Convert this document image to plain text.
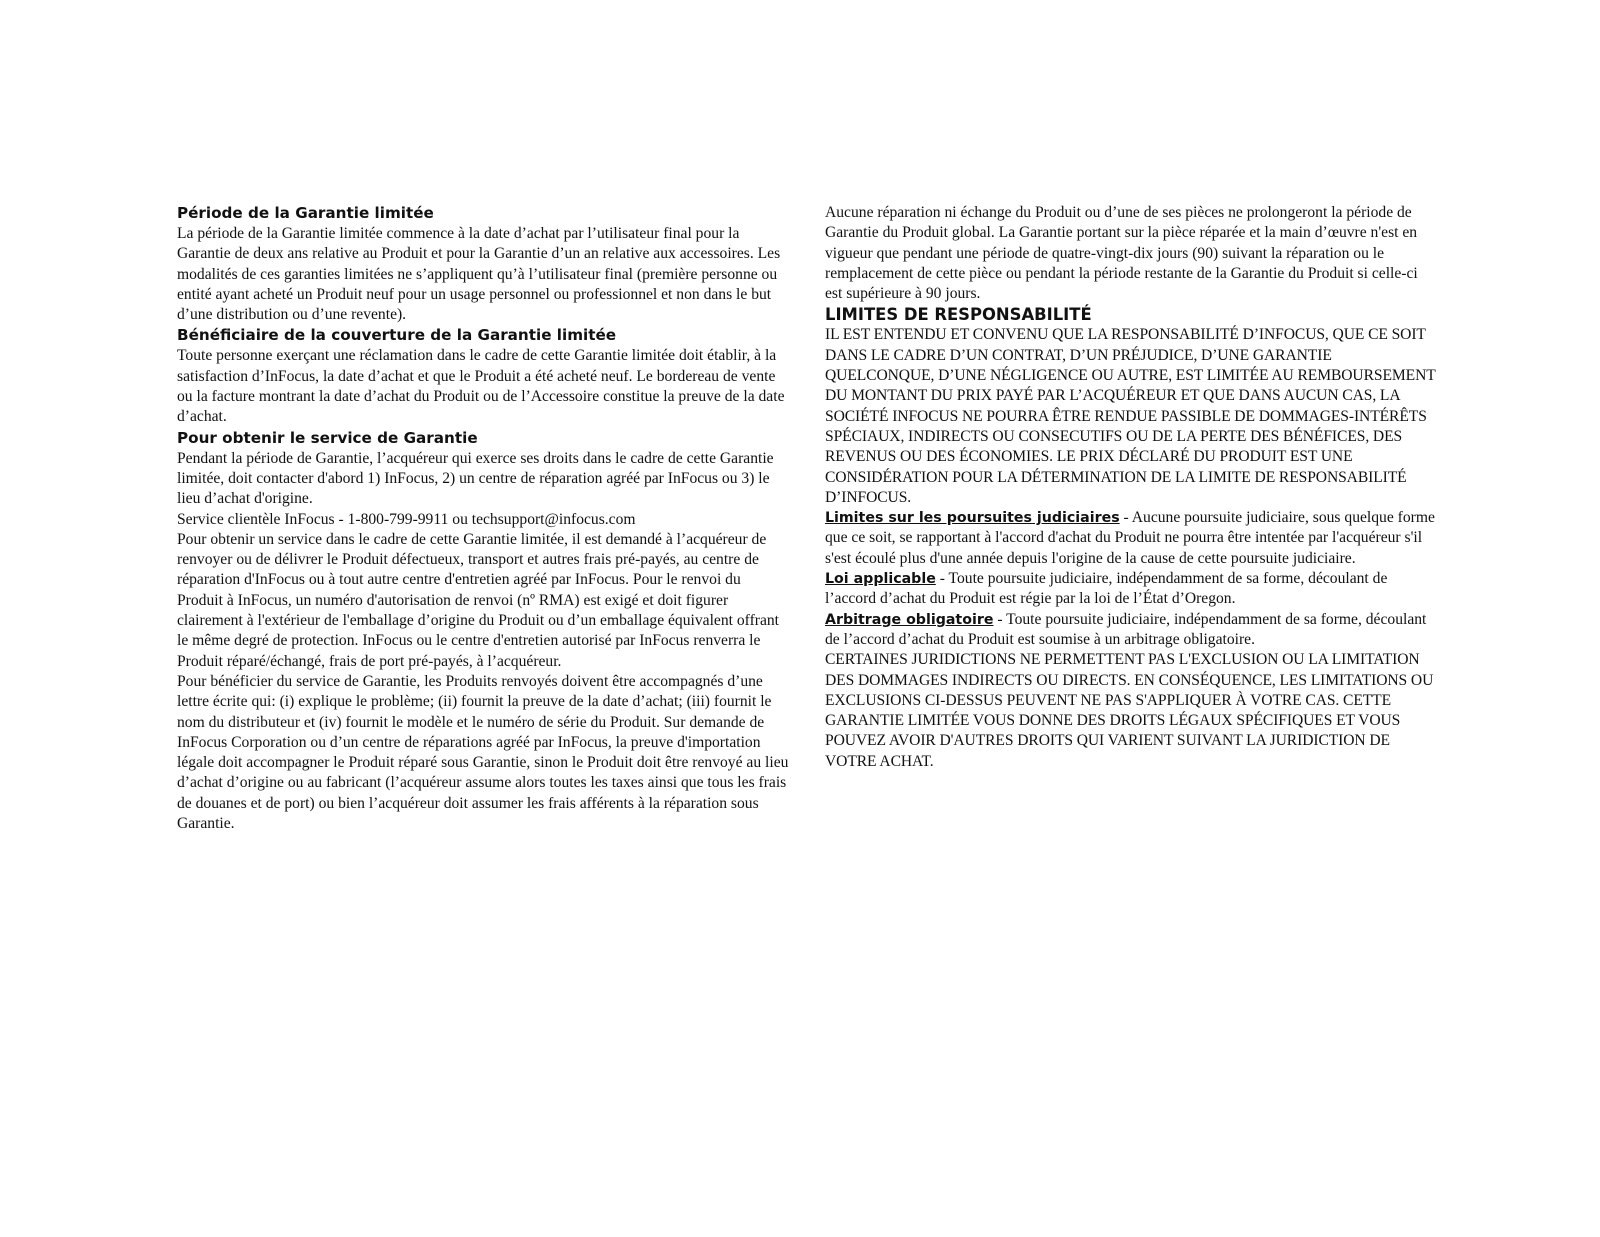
Période de la Garantie limitée

La période de la Garantie limitée commence à la date d’achat par l’utilisateur final pour la Garantie de deux ans relative au Produit et pour la Garantie d’un an relative aux accessoires. Les modalités de ces garanties limitées ne s’appliquent qu’à l’utilisateur final (première personne ou entité ayant acheté un Produit neuf pour un usage personnel ou professionnel et non dans le but d’une distribution ou d’une revente).

Bénéficiaire de la couverture de la Garantie limitée

Toute personne exerçant une réclamation dans le cadre de cette Garantie limitée doit établir, à la

satisfaction d’InFocus, la date d’achat et que le Produit a été acheté neuf. Le bordereau de vente ou la facture montrant la date d’achat du Produit ou de l’Accessoire constitue la preuve de la date d’achat.

Pour obtenir le service de Garantie

Pendant la période de Garantie, l’acquéreur qui exerce ses droits dans le cadre de cette Garantie limitée, doit contacter d'abord 1) InFocus, 2) un centre de réparation agréé par InFocus ou 3) le lieu d’achat d'origine.

Service clientèle InFocus - 1-800-799-9911 ou techsupport@infocus.com

Pour obtenir un service dans le cadre de cette Garantie limitée, il est demandé à l’acquéreur de renvoyer ou de délivrer le Produit défectueux, transport et autres frais pré-payés, au centre de réparation d'InFocus ou à tout autre centre d'entretien agréé par InFocus. Pour le renvoi du Produit à InFocus, un numéro d'autorisation de renvoi (nº RMA) est exigé et doit figurer clairement à l'extérieur de l'emballage d’origine du Produit ou d’un emballage équivalent offrant le même degré de protection. InFocus ou le centre d'entretien autorisé par InFocus renverra le Produit réparé/échangé, frais de port pré-payés, à l’acquéreur.

Pour bénéficier du service de Garantie, les Produits renvoyés doivent être accompagnés d’une lettre écrite qui: (i) explique le problème; (ii) fournit la preuve de la date d’achat; (iii) fournit le nom du distributeur et (iv) fournit le modèle et le numéro de série du Produit. Sur demande de InFocus Corporation ou d’un centre de réparations agréé par InFocus, la preuve d'importation légale doit accompagner le Produit réparé sous Garantie, sinon le Produit doit être renvoyé au lieu d’achat d’origine ou au fabricant (l’acquéreur assume alors toutes les taxes ainsi que tous les frais de douanes et de port) ou bien l’acquéreur doit assumer les frais afférents à la réparation sous Garantie.

Aucune réparation ni échange du Produit ou d’une de ses pièces ne prolongeront la période de Garantie du Produit global. La Garantie portant sur la pièce réparée et la main d’œuvre n'est en vigueur que pendant une période de quatre-vingt-dix jours (90) suivant la réparation ou le remplacement de cette pièce ou pendant la période restante de la Garantie du Produit si celle-ci est supérieure à 90 jours.

LIMITES DE RESPONSABILITÉ

IL EST ENTENDU ET CONVENU QUE LA RESPONSABILITÉ D’INFOCUS, QUE CE SOIT DANS LE CADRE D’UN CONTRAT, D’UN PRÉJUDICE, D’UNE GARANTIE QUELCONQUE, D’UNE NÉGLIGENCE OU AUTRE, EST LIMITÉE AU REMBOURSEMENT DU MONTANT DU PRIX PAYÉ PAR L’ACQUÉREUR ET QUE DANS AUCUN CAS, LA SOCIÉTÉ INFOCUS NE POURRA ÊTRE RENDUE PASSIBLE DE DOMMAGES-INTÉRÊTS SPÉCIAUX, INDIRECTS OU CONSECUTIFS OU DE LA PERTE DES BÉNÉFICES, DES REVENUS OU DES ÉCONOMIES. LE PRIX DÉCLARÉ DU PRODUIT EST UNE CONSIDÉRATION POUR LA DÉTERMINATION DE LA LIMITE DE RESPONSABILITÉ D’INFOCUS.

Limites sur les poursuites judiciaires - Aucune poursuite judiciaire, sous quelque forme que ce soit, se rapportant à l'accord d'achat du Produit ne pourra être intentée par l'acquéreur s'il s'est écoulé plus d'une année depuis l'origine de la cause de cette poursuite judiciaire.

Loi applicable - Toute poursuite judiciaire, indépendamment de sa forme, découlant de l’accord d’achat du Produit est régie par la loi de l’État d’Oregon.

Arbitrage obligatoire - Toute poursuite judiciaire, indépendamment de sa forme, découlant de l’accord d’achat du Produit est soumise à un arbitrage obligatoire.

CERTAINES JURIDICTIONS NE PERMETTENT PAS L'EXCLUSION OU LA LIMITATION DES DOMMAGES INDIRECTS OU DIRECTS. EN CONSÉQUENCE, LES LIMITATIONS OU EXCLUSIONS CI-DESSUS PEUVENT NE PAS S'APPLIQUER À VOTRE CAS. CETTE GARANTIE LIMITÉE VOUS DONNE DES DROITS LÉGAUX SPÉCIFIQUES ET VOUS POUVEZ AVOIR D'AUTRES DROITS QUI VARIENT SUIVANT LA JURIDICTION DE VOTRE ACHAT.
